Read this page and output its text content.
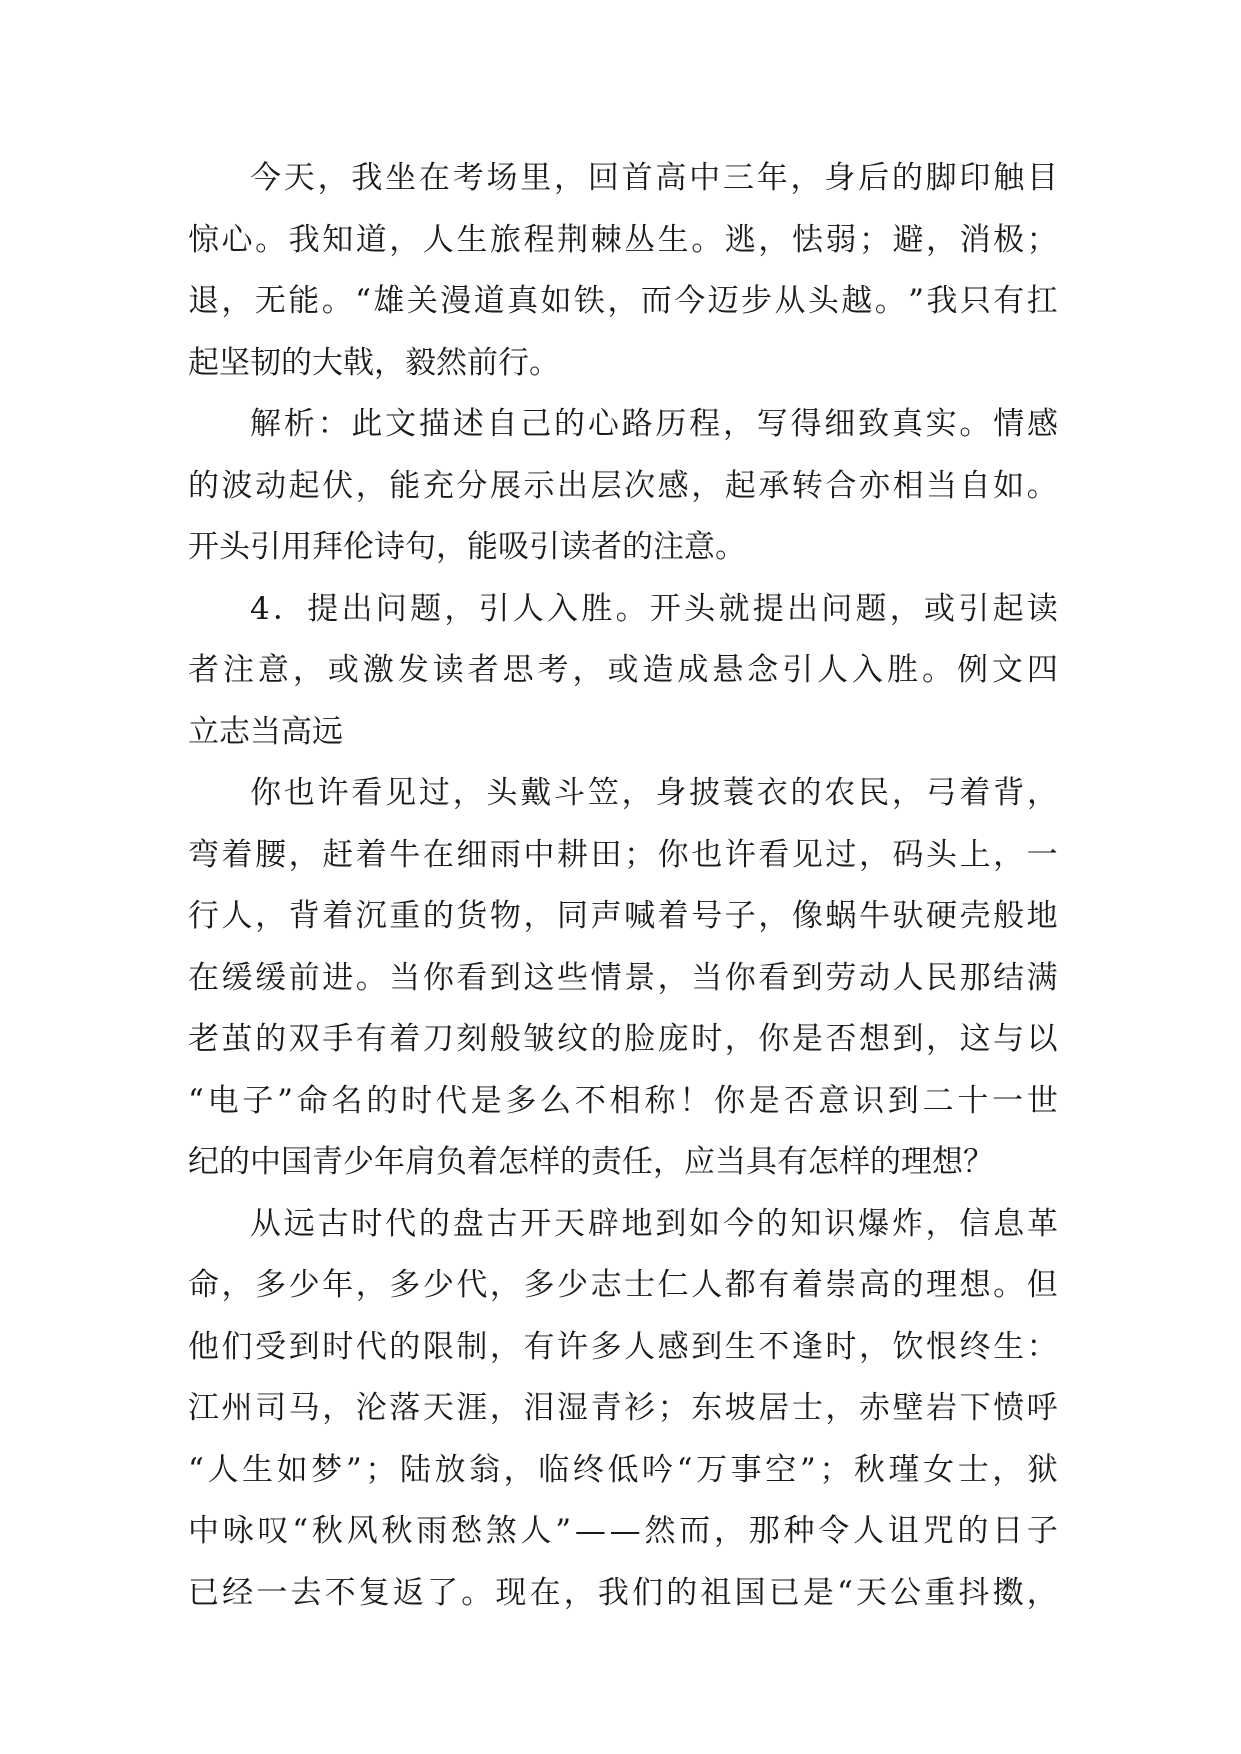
今 天 ， 我 坐 在 考 场 里 ， 回 首 高 中 三 年 ， 身 后 的 脚 印 触 目
惊 心 。 我 知 道 ， 人 生 旅 程 荆 棘 丛 生 。 逃 ， 怯 弱 ； 避 ， 消 极 ；
退 ， 无 能 。 “ 雄 关 漫 道 真 如 铁 ， 而 今 迈 步 从 头 越 。 ” 我 只 有 扛
起 坚 韧 的 大 戟 ， 毅 然 前 行 。
解 析 ： 此 文 描 述 自 己 的 心 路 历 程 ， 写 得 细 致 真 实 。 情 感
的 波 动 起 伏 ， 能 充 分 展 示 出 层 次 感 ， 起 承 转 合 亦 相 当 自 如 。
开 头 引 用 拜 伦 诗 句 ， 能 吸 引 读 者 的 注 意 。
4 ． 提 出 问 题 ， 引 人 入 胜 。 开 头 就 提 出 问 题 ， 或 引 起 读
者 注 意 ， 或 激 发 读 者 思 考 ， 或 造 成 悬 念 引 人 入 胜 。 例 文 四
立 志 当 高 远
你 也 许 看 见 过 ， 头 戴 斗 笠 ， 身 披 蓑 衣 的 农 民 ， 弓 着 背 ，
弯 着 腰 ， 赶 着 牛 在 细 雨 中 耕 田 ； 你 也 许 看 见 过 ， 码 头 上 ， 一
行 人 ， 背 着 沉 重 的 货 物 ， 同 声 喊 着 号 子 ， 像 蜗 牛 驮 硬 壳 般 地
在 缓 缓 前 进 。 当 你 看 到 这 些 情 景 ， 当 你 看 到 劳 动 人 民 那 结 满
老 茧 的 双 手 有 着 刀 刻 般 皱 纹 的 脸 庞 时 ， 你 是 否 想 到 ， 这 与 以
“ 电 子 ” 命 名 的 时 代 是 多 么 不 相 称 ！ 你 是 否 意 识 到 二 十 一 世
纪 的 中 国 青 少 年 肩 负 着 怎 样 的 责 任 ， 应 当 具 有 怎 样 的 理 想 ？
从 远 古 时 代 的 盘 古 开 天 辟 地 到 如 今 的 知 识 爆 炸 ， 信 息 革
命 ， 多 少 年 ， 多 少 代 ， 多 少 志 士 仁 人 都 有 着 崇 高 的 理 想 。 但
他 们 受 到 时 代 的 限 制 ， 有 许 多 人 感 到 生 不 逢 时 ， 饮 恨 终 生 ：
江 州 司 马 ， 沦 落 天 涯 ， 泪 湿 青 衫 ； 东 坡 居 士 ， 赤 壁 岩 下 愤 呼
“ 人 生 如 梦 ” ； 陆 放 翁 ， 临 终 低 吟 “ 万 事 空 ” ； 秋 瑾 女 士 ， 狱
中 咏 叹 “ 秋 风 秋 雨 愁 煞 人 ” — — 然 而 ， 那 种 令 人 诅 咒 的 日 子
已 经 一 去 不 复 返 了 。 现 在 ， 我 们 的 祖 国 已 是 “ 天 公 重 抖 擞 ，
